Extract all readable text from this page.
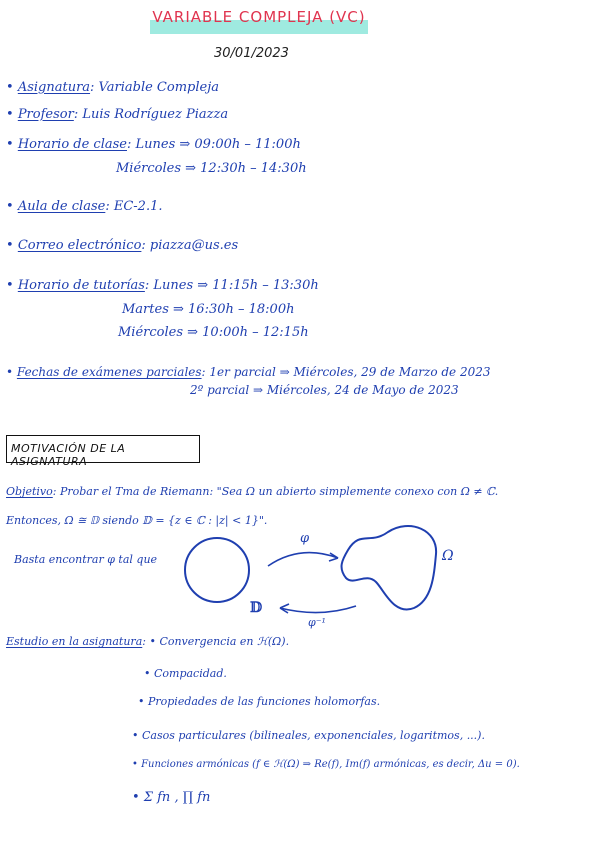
VARIABLE COMPLEJA (VC)
30/01/2023
• Asignatura: Variable Compleja
• Profesor: Luis Rodríguez Piazza
• Horario de clase: Lunes ⇒ 09:00h – 11:00h
Miércoles ⇒ 12:30h – 14:30h
• Aula de clase: EC-2.1.
• Correo electrónico: piazza@us.es
• Horario de tutorías: Lunes ⇒ 11:15h – 13:30h
Martes ⇒ 16:30h – 18:00h
Miércoles ⇒ 10:00h – 12:15h
• Fechas de exámenes parciales: 1er parcial ⇒ Miércoles, 29 de Marzo de 2023
2º parcial ⇒ Miércoles, 24 de Mayo de 2023
MOTIVACIÓN DE LA ASIGNATURA
Objetivo: Probar el Tma de Riemann: "Sea Ω un abierto simplemente conexo con Ω ≠ ℂ.
Entonces, Ω ≅ 𝔻 siendo 𝔻 = {z ∈ ℂ : |z| < 1}".
Basta encontrar φ tal que
φ
φ⁻¹
Ω
𝔻
Estudio en la asignatura: • Convergencia en ℋ(Ω).
• Compacidad.
• Propiedades de las funciones holomorfas.
• Casos particulares (bilineales, exponenciales, logaritmos, ...).
• Funciones armónicas (f ∈ ℋ(Ω) ⇒ Re(f), Im(f) armónicas, es decir, Δu = 0).
• Σ fn , ∏ fn
